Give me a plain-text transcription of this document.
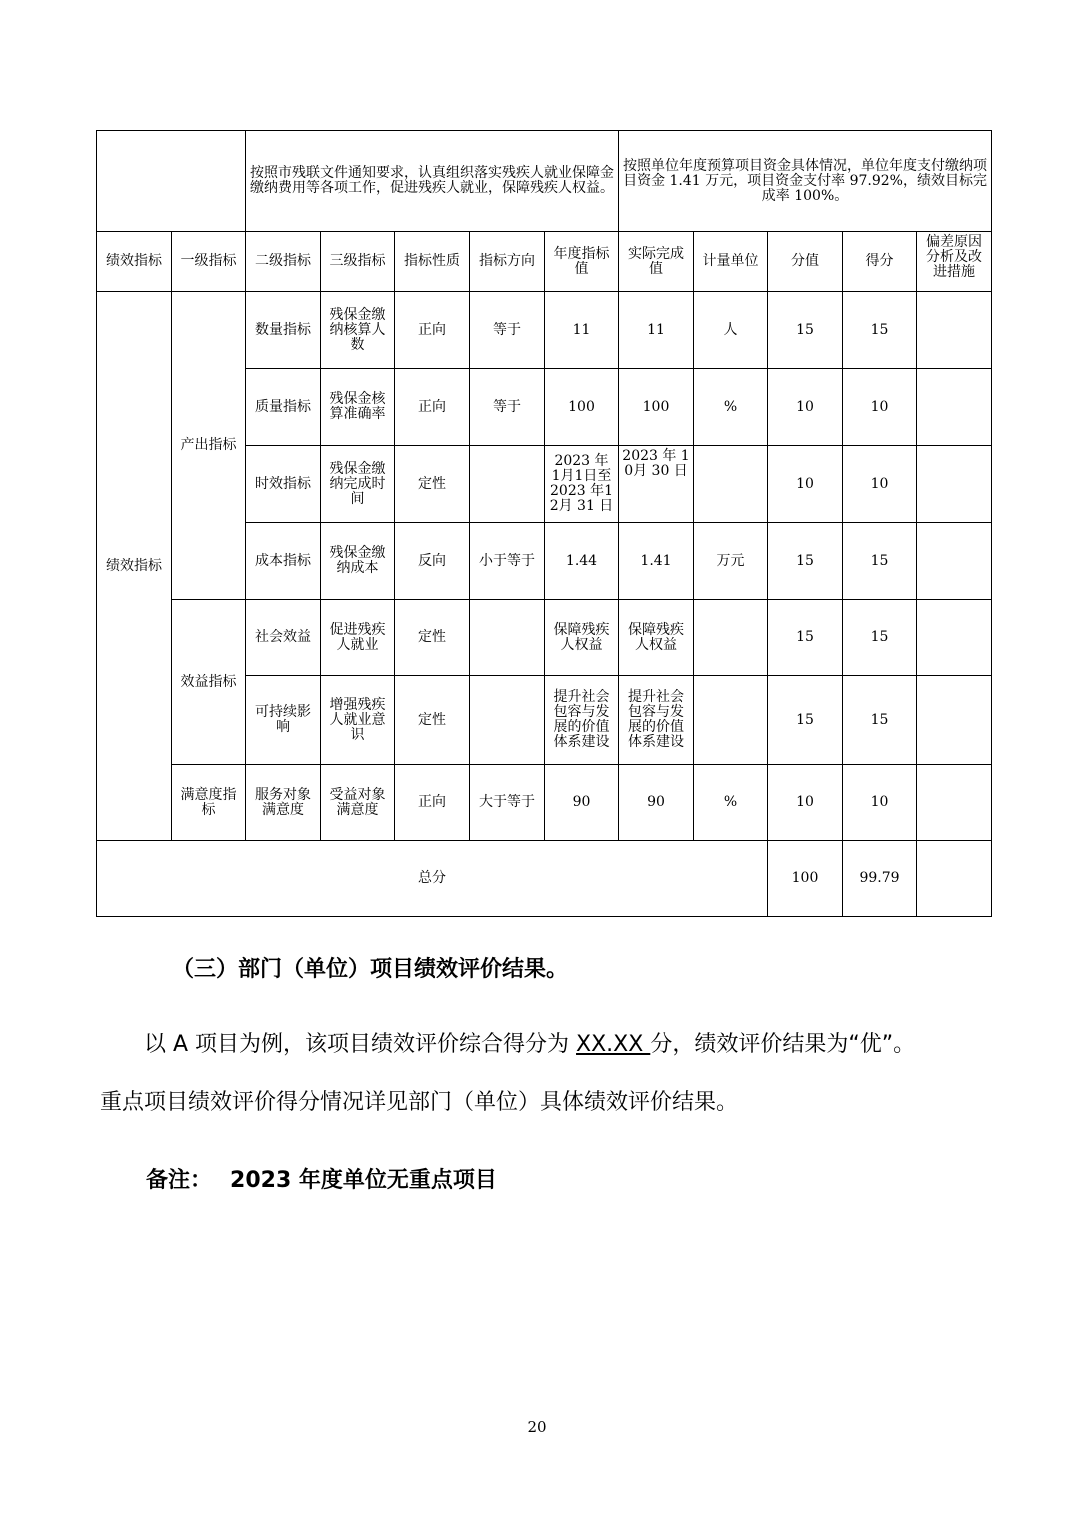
		按照市残联文件通知要求，认真组织落实残疾人就业保障金缴纳费用等各项工作，促进残疾人就业，保障残疾人权益。					按照单位年度预算项目资金具体情况，单位年度支付缴纳项目资金 1.41 万元，项目资金支付率 97.92%，绩效目标完成率 100%。				
绩效指标	一级指标	二级指标	三级指标	指标性质	指标方向	年度指标值	实际完成值	计量单位	分值	得分	偏差原因分析及改进措施
绩效指标	产出指标	数量指标	残保金缴纳核算人数	正向	等于	11	11	人	15	15	
		质量指标	残保金核算准确率	正向	等于	100	100	%	10	10	
		时效指标	残保金缴纳完成时间	定性		2023 年 1月1日至 2023 年12月 31 日	2023 年 10月 30 日		10	10	
		成本指标	残保金缴纳成本	反向	小于等于	1.44	1.41	万元	15	15	
	效益指标	社会效益	促进残疾人就业	定性		保障残疾人权益	保障残疾人权益		15	15	
		可持续影响	增强残疾人就业意识	定性		提升社会包容与发展的价值体系建设	提升社会包容与发展的价值体系建设		15	15	
	满意度指标	服务对象满意度	受益对象满意度	正向	大于等于	90	90	%	10	10	
总分									100	99.79	
（三）部门（单位）项目绩效评价结果。
以 A 项目为例，该项目绩效评价综合得分为 XX.XX 分，绩效评价结果为“优”。
重点项目绩效评价得分情况详见部门（单位）具体绩效评价结果。
备注： 2023 年度单位无重点项目
20
